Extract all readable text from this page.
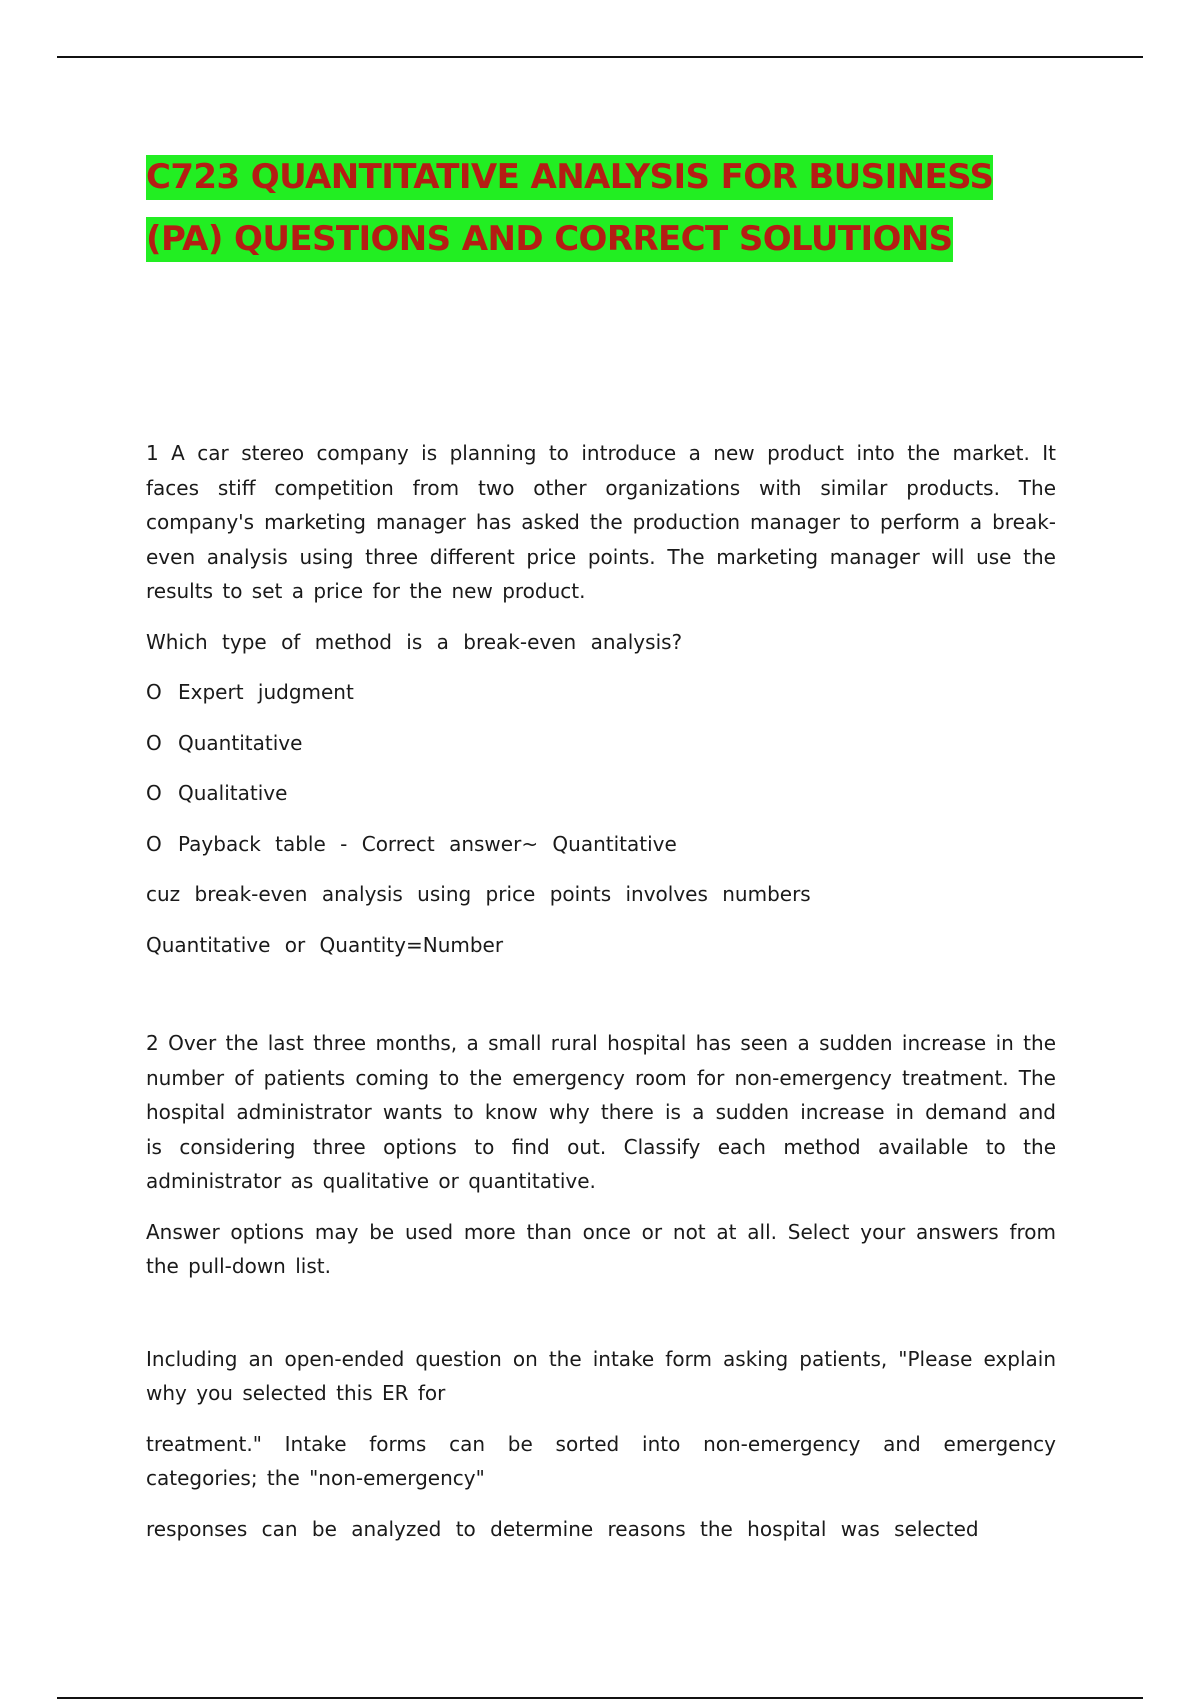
C723 QUANTITATIVE ANALYSIS FOR BUSINESS
(PA) QUESTIONS AND CORRECT SOLUTIONS

1 A car stereo company is planning to introduce a new product into the market. It faces stiff competition from two other organizations with similar products. The company's marketing manager has asked the production manager to perform a break-even analysis using three different price points. The marketing manager will use the results to set a price for the new product.

Which type of method is a break-even analysis?

O Expert judgment

O Quantitative

O Qualitative

O Payback table - Correct answer~ Quantitative

cuz break-even analysis using price points involves numbers

Quantitative or Quantity=Number

2 Over the last three months, a small rural hospital has seen a sudden increase in the number of patients coming to the emergency room for non-emergency treatment. The hospital administrator wants to know why there is a sudden increase in demand and is considering three options to find out. Classify each method available to the administrator as qualitative or quantitative.

Answer options may be used more than once or not at all. Select your answers from the pull-down list.

Including an open-ended question on the intake form asking patients, "Please explain why you selected this ER for

treatment." Intake forms can be sorted into non-emergency and emergency categories; the "non-emergency"

responses can be analyzed to determine reasons the hospital was selected
